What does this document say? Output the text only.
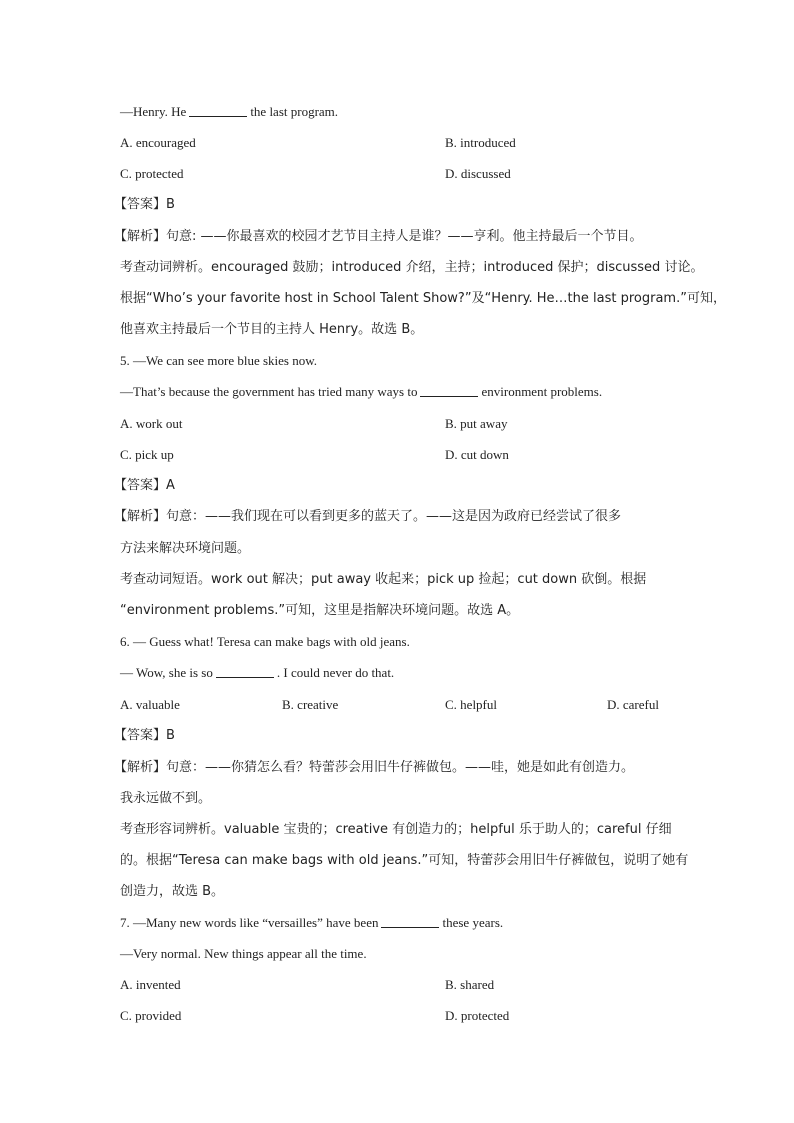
—Henry. He	the last program.
A. encouraged	B. introduced
C. protected	D. discussed
【答案】B
【解析】句意: ——你最喜欢的校园才艺节目主持人是谁？——亨利。他主持最后一个节目。
考查动词辨析。encouraged 鼓励；introduced 介绍，主持；introduced 保护；discussed 讨论。
根据“Who’s your favorite host in School Talent Show?”及“Henry. He…the last program.”可知，
他喜欢主持最后一个节目的主持人 Henry。故选 B。
5. —We can see more blue skies now.
—That’s because the government has tried many ways to	environment problems.
A. work out	B. put away
C. pick up	D. cut down
【答案】A
【解析】句意：——我们现在可以看到更多的蓝天了。——这是因为政府已经尝试了很多
方法来解决环境问题。
考查动词短语。work out 解决；put away 收起来；pick up 捡起；cut down 砍倒。根据
“environment problems.”可知，这里是指解决环境问题。故选 A。
6. — Guess what! Teresa can make bags with old jeans.
— Wow, she is so	. I could never do that.
A. valuable	B. creative	C. helpful	D. careful
【答案】B
【解析】句意：——你猜怎么看？特蕾莎会用旧牛仔裤做包。——哇，她是如此有创造力。
我永远做不到。
考查形容词辨析。valuable 宝贵的；creative 有创造力的；helpful 乐于助人的；careful 仔细
的。根据“Teresa can make bags with old jeans.”可知，特蕾莎会用旧牛仔裤做包，说明了她有
创造力，故选 B。
7. —Many new words like “versailles” have been	these years.
—Very normal. New things appear all the time.
A. invented	B. shared
C. provided	D. protected
